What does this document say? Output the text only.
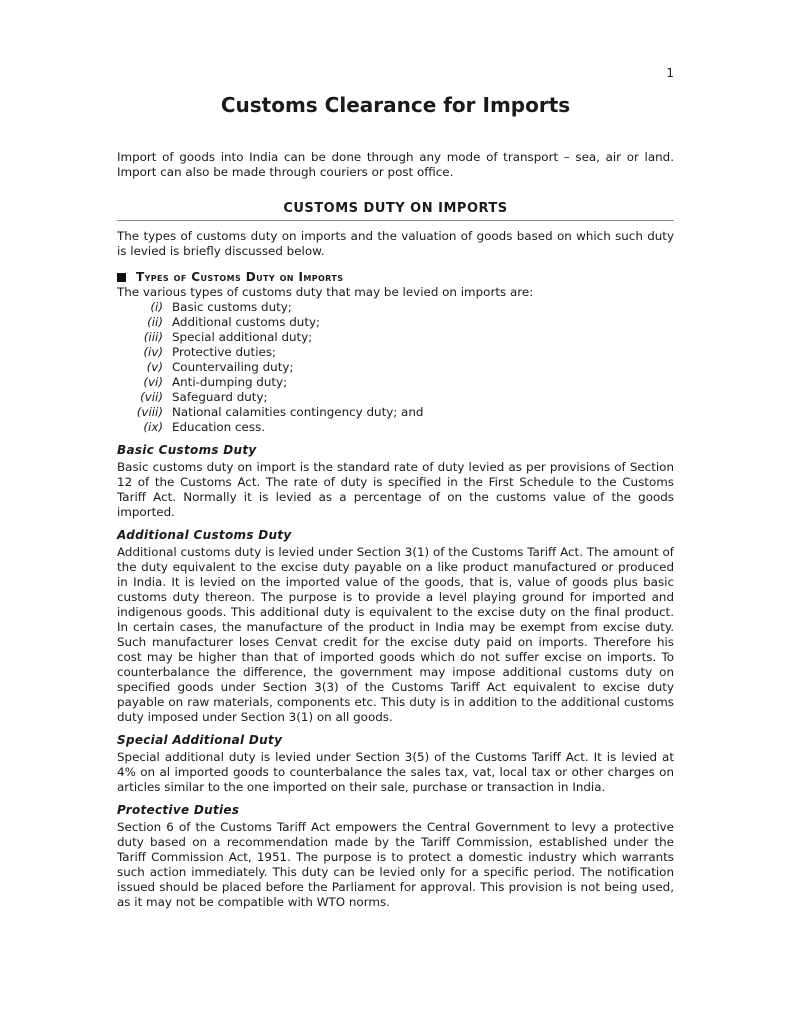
1
Customs Clearance for Imports

Import of goods into India can be done through any mode of transport – sea, air or land. Import can also be made through couriers or post office.

CUSTOMS DUTY ON IMPORTS

The types of customs duty on imports and the valuation of goods based on which such duty is levied is briefly discussed below.

Types of Customs Duty on Imports

The various types of customs duty that may be levied on imports are:

(i) Basic customs duty;
(ii) Additional customs duty;
(iii) Special additional duty;
(iv) Protective duties;
(v) Countervailing duty;
(vi) Anti-dumping duty;
(vii) Safeguard duty;
(viii) National calamities contingency duty; and
(ix) Education cess.
Basic Customs Duty

Basic customs duty on import is the standard rate of duty levied as per provisions of Section 12 of the Customs Act. The rate of duty is specified in the First Schedule to the Customs Tariff Act. Normally it is levied as a percentage of on the customs value of the goods imported.

Additional Customs Duty

Additional customs duty is levied under Section 3(1) of the Customs Tariff Act. The amount of the duty equivalent to the excise duty payable on a like product manufactured or produced in India. It is levied on the imported value of the goods, that is, value of goods plus basic customs duty thereon. The purpose is to provide a level playing ground for imported and indigenous goods. This additional duty is equivalent to the excise duty on the final product. In certain cases, the manufacture of the product in India may be exempt from excise duty. Such manufacturer loses Cenvat credit for the excise duty paid on imports. Therefore his cost may be higher than that of imported goods which do not suffer excise on imports. To counterbalance the difference, the government may impose additional customs duty on specified goods under Section 3(3) of the Customs Tariff Act equivalent to excise duty payable on raw materials, components etc. This duty is in addition to the additional customs duty imposed under Section 3(1) on all goods.

Special Additional Duty

Special additional duty is levied under Section 3(5) of the Customs Tariff Act. It is levied at 4% on al imported goods to counterbalance the sales tax, vat, local tax or other charges on articles similar to the one imported on their sale, purchase or transaction in India.

Protective Duties

Section 6 of the Customs Tariff Act empowers the Central Government to levy a protective duty based on a recommendation made by the Tariff Commission, established under the Tariff Commission Act, 1951. The purpose is to protect a domestic industry which warrants such action immediately. This duty can be levied only for a specific period. The notification issued should be placed before the Parliament for approval. This provision is not being used, as it may not be compatible with WTO norms.
